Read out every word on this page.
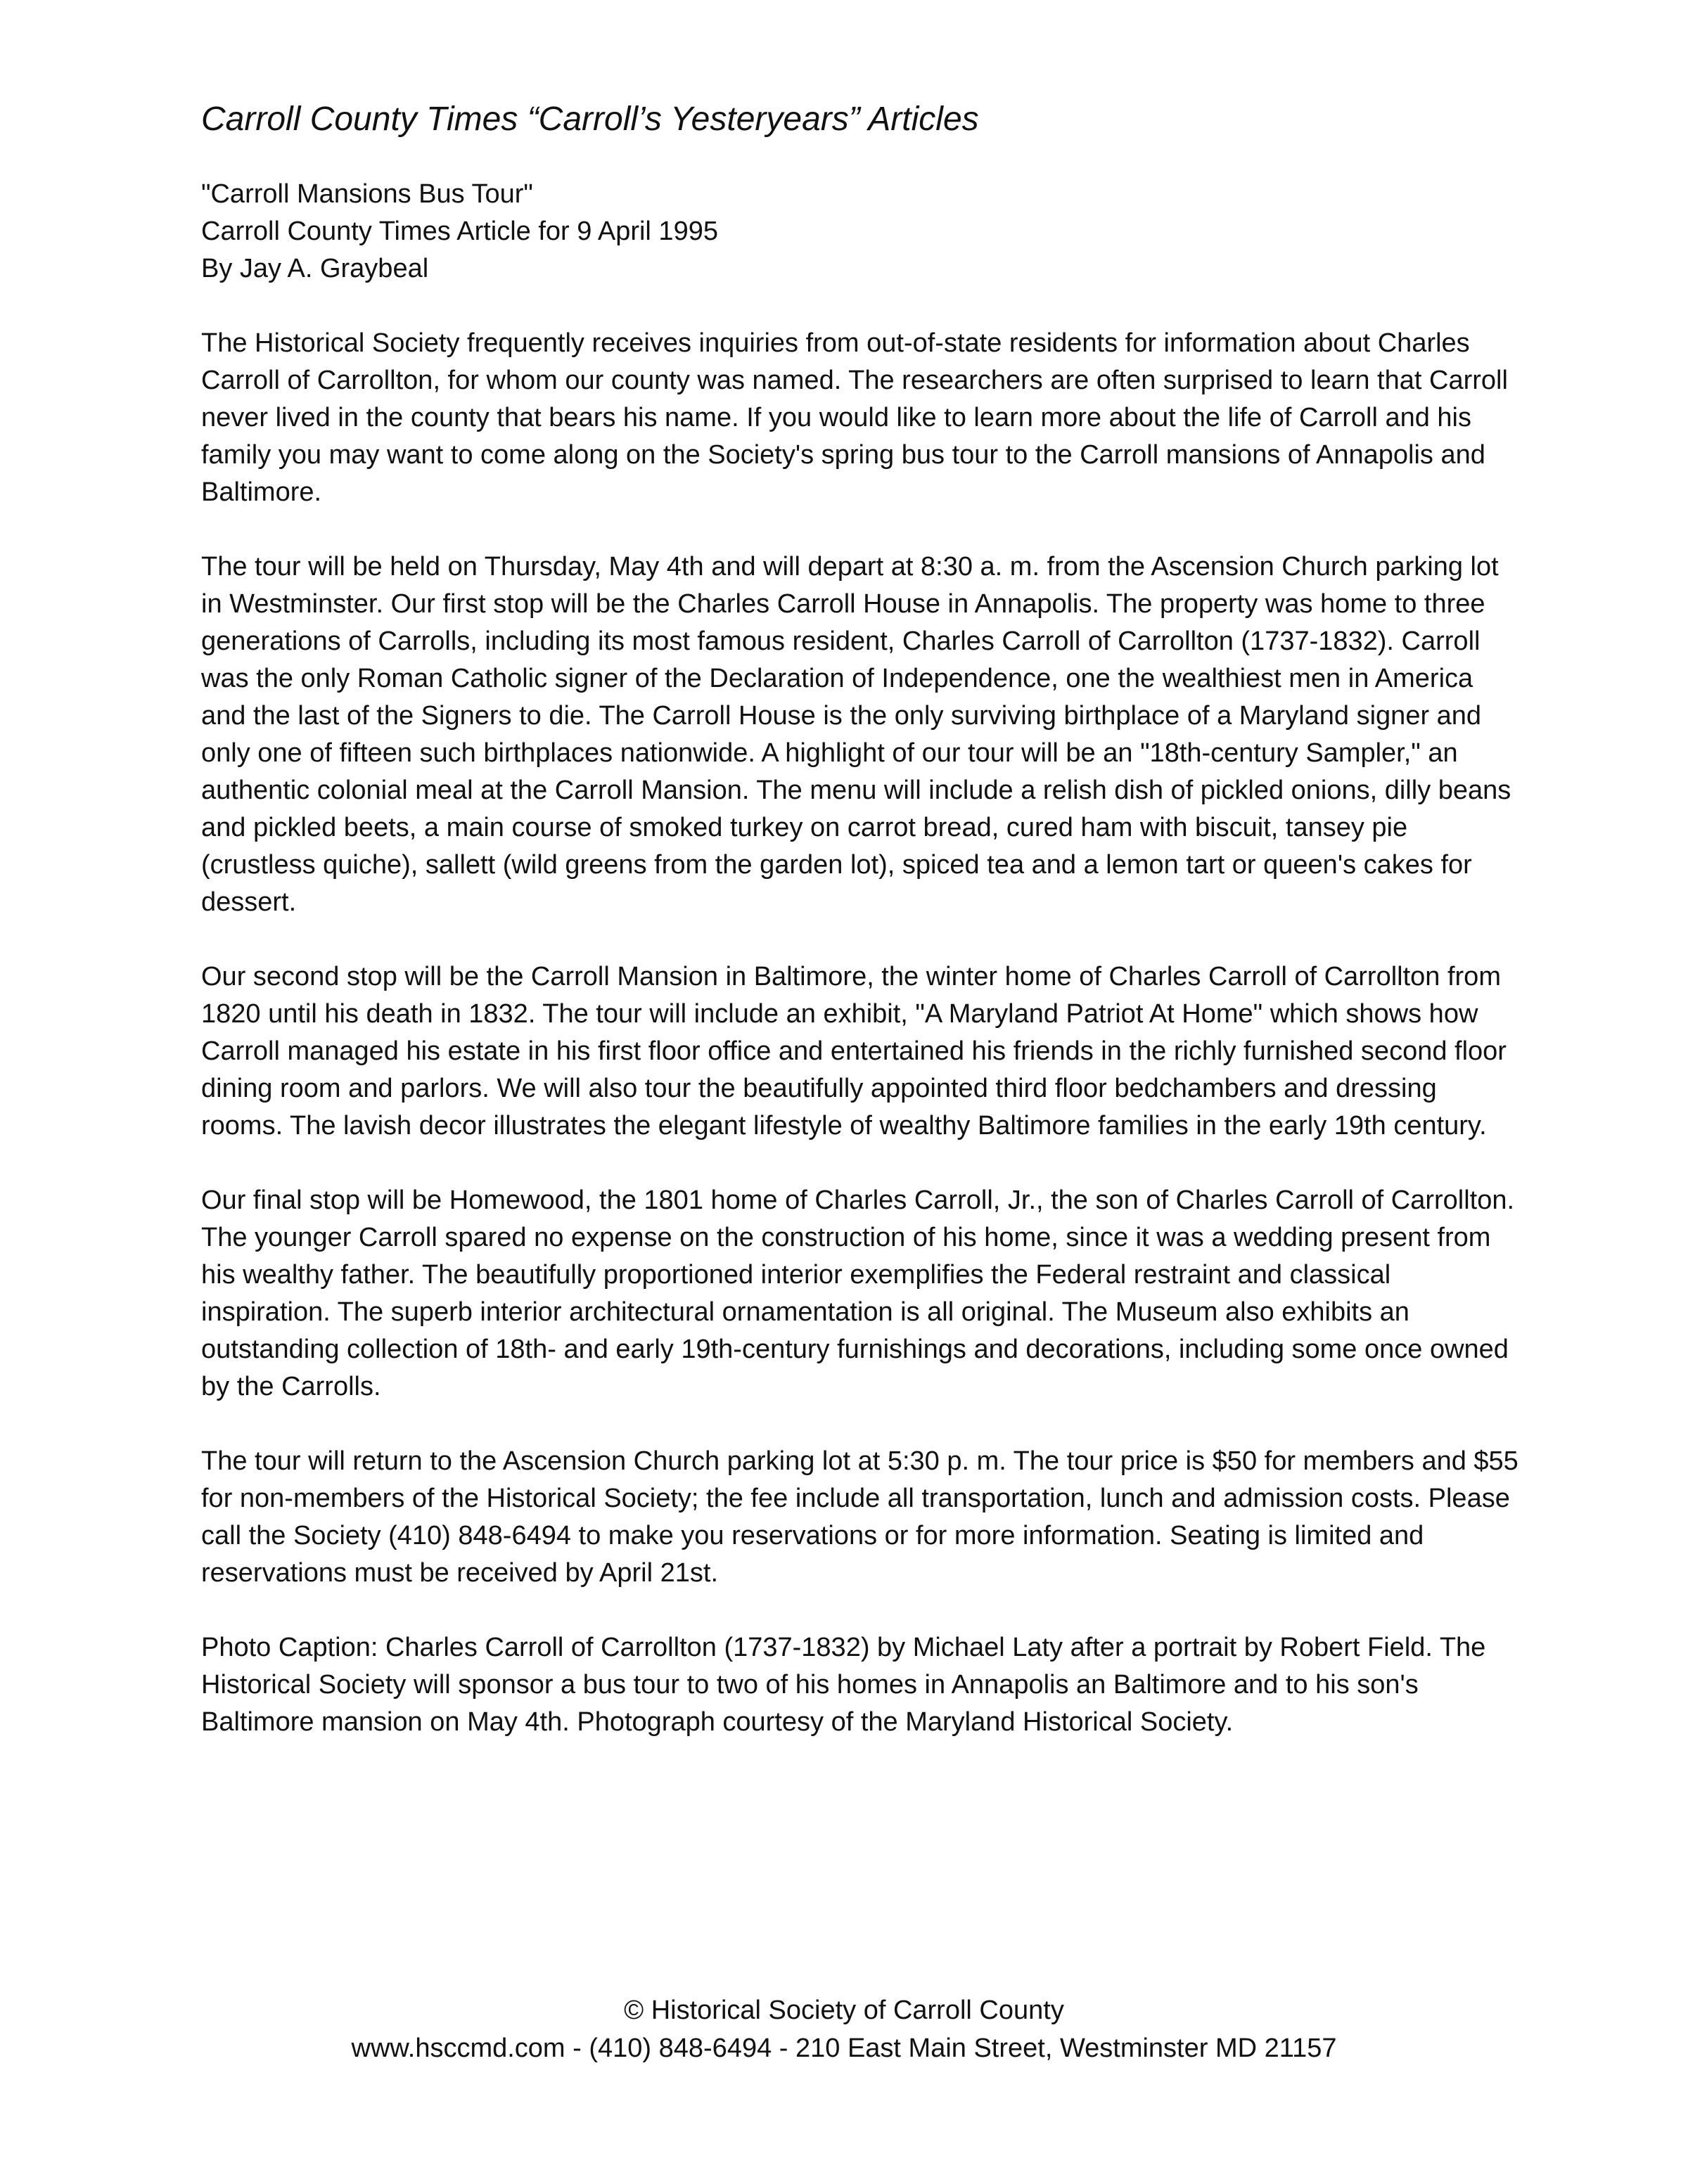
Carroll County Times “Carroll’s Yesteryears” Articles
"Carroll Mansions Bus Tour"
Carroll County Times Article for 9 April 1995
By Jay A. Graybeal

The Historical Society frequently receives inquiries from out-of-state residents for information about Charles Carroll of Carrollton, for whom our county was named. The researchers are often surprised to learn that Carroll never lived in the county that bears his name. If you would like to learn more about the life of Carroll and his family you may want to come along on the Society's spring bus tour to the Carroll mansions of Annapolis and Baltimore.

The tour will be held on Thursday, May 4th and will depart at 8:30 a. m. from the Ascension Church parking lot in Westminster. Our first stop will be the Charles Carroll House in Annapolis. The property was home to three generations of Carrolls, including its most famous resident, Charles Carroll of Carrollton (1737-1832). Carroll was the only Roman Catholic signer of the Declaration of Independence, one the wealthiest men in America and the last of the Signers to die. The Carroll House is the only surviving birthplace of a Maryland signer and only one of fifteen such birthplaces nationwide. A highlight of our tour will be an "18th-century Sampler," an authentic colonial meal at the Carroll Mansion. The menu will include a relish dish of pickled onions, dilly beans and pickled beets, a main course of smoked turkey on carrot bread, cured ham with biscuit, tansey pie (crustless quiche), sallett (wild greens from the garden lot), spiced tea and a lemon tart or queen's cakes for dessert.

Our second stop will be the Carroll Mansion in Baltimore, the winter home of Charles Carroll of Carrollton from 1820 until his death in 1832. The tour will include an exhibit, "A Maryland Patriot At Home" which shows how Carroll managed his estate in his first floor office and entertained his friends in the richly furnished second floor dining room and parlors. We will also tour the beautifully appointed third floor bedchambers and dressing rooms. The lavish decor illustrates the elegant lifestyle of wealthy Baltimore families in the early 19th century.

Our final stop will be Homewood, the 1801 home of Charles Carroll, Jr., the son of Charles Carroll of Carrollton. The younger Carroll spared no expense on the construction of his home, since it was a wedding present from his wealthy father. The beautifully proportioned interior exemplifies the Federal restraint and classical inspiration. The superb interior architectural ornamentation is all original. The Museum also exhibits an outstanding collection of 18th- and early 19th-century furnishings and decorations, including some once owned by the Carrolls.

The tour will return to the Ascension Church parking lot at 5:30 p. m. The tour price is $50 for members and $55 for non-members of the Historical Society; the fee include all transportation, lunch and admission costs. Please call the Society (410) 848-6494 to make you reservations or for more information. Seating is limited and reservations must be received by April 21st.

Photo Caption: Charles Carroll of Carrollton (1737-1832) by Michael Laty after a portrait by Robert Field. The Historical Society will sponsor a bus tour to two of his homes in Annapolis an Baltimore and to his son's Baltimore mansion on May 4th. Photograph courtesy of the Maryland Historical Society.

© Historical Society of Carroll County
www.hsccmd.com - (410) 848-6494 - 210 East Main Street, Westminster MD 21157
